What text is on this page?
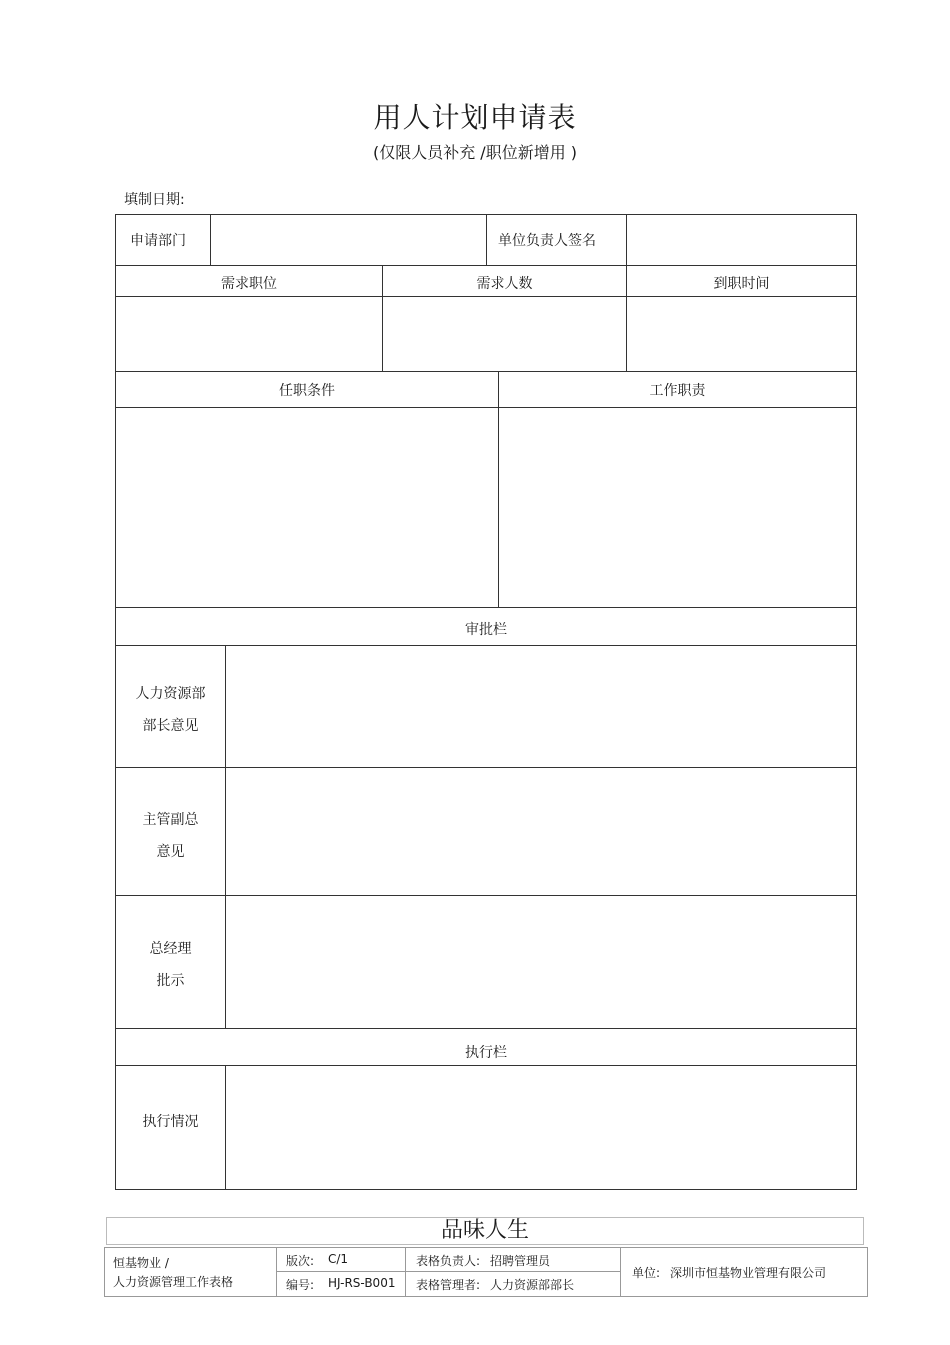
用人计划申请表
(仅限人员补充 /职位新增用 )
填制日期:
申请部门	单位负责人签名
需求职位	需求人数	到职时间
任职条件	工作职责
审批栏
人力资源部
部长意见
主管副总
意见
总经理
批示
执行栏
执行情况
品味人生
恒基物业 /
人力资源管理工作表格
版次: C/1
编号: HJ-RS-B001
表格负责人: 招聘管理员
表格管理者: 人力资源部部长
单位: 深圳市恒基物业管理有限公司
